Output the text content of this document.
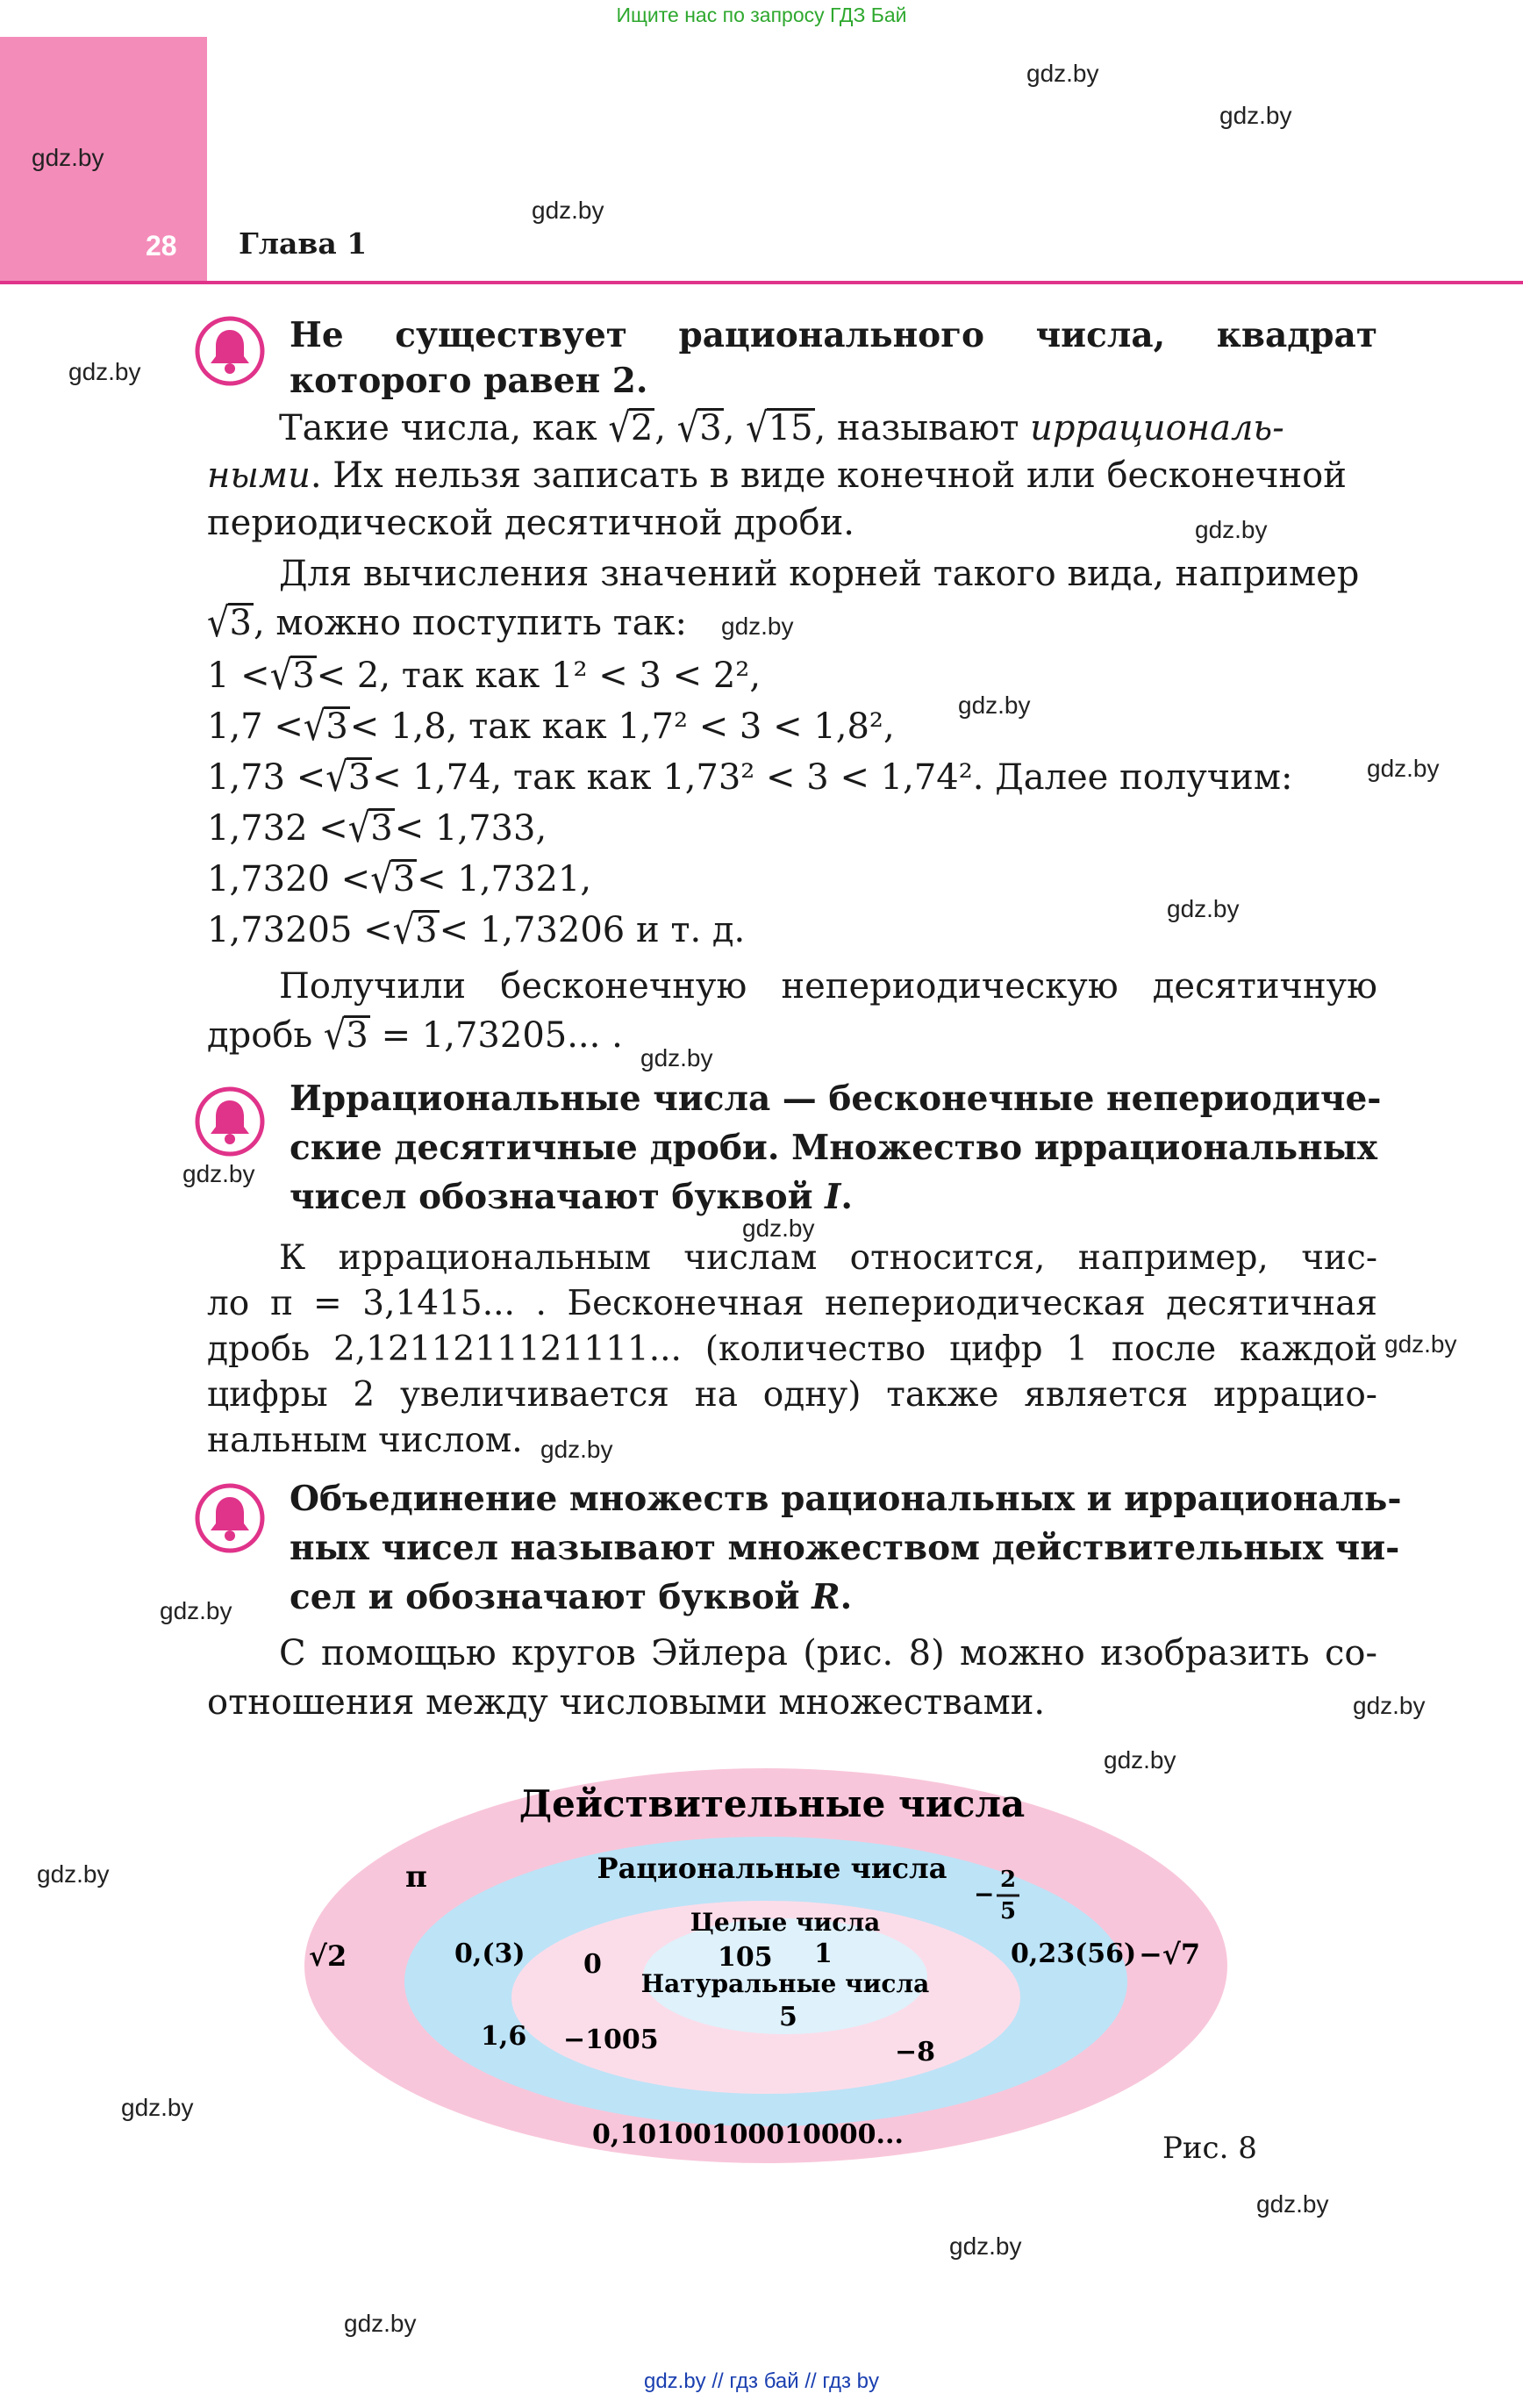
Ищите нас по запросу ГДЗ Бай
28 Глава 1
gdz.by
gdz.by
gdz.by
gdz.by
gdz.by
gdz.by
gdz.by
gdz.by
gdz.by
gdz.by
gdz.by
gdz.by
gdz.by
gdz.by
gdz.by
gdz.by
gdz.by
gdz.by
gdz.by
gdz.by
gdz.by
gdz.by
gdz.by
Не существует рационального числа, квадрат которого равен 2.
Такие числа, как √2, √3, √15, называют иррациональ-
ными. Их нельзя записать в виде конечной или бесконечной
периодической десятичной дроби.
Для вычисления значений корней такого вида, например
√3, можно поступить так:
1 <√3< 2, так как 1² < 3 < 2²,
1,7 <√3< 1,8, так как 1,7² < 3 < 1,8²,
1,73 <√3< 1,74, так как 1,73² < 3 < 1,74². Далее получим:
1,732 <√3< 1,733,
1,7320 <√3< 1,7321,
1,73205 <√3< 1,73206 и т. д.
Получили бесконечную непериодическую десятичную
дробь √3 = 1,73205... .
Иррациональные числа — бесконечные непериодиче-
ские десятичные дроби. Множество иррациональных
чисел обозначают буквой I.
К иррациональным числам относится, например, чис-
ло π = 3,1415... . Бесконечная непериодическая десятичная
дробь 2,1211211121111... (количество цифр 1 после каждой
цифры 2 увеличивается на одну) также является иррацио-
нальным числом.
Объединение множеств рациональных и иррациональ-
ных чисел называют множеством действительных чи-
сел и обозначают буквой R.
С помощью кругов Эйлера (рис. 8) можно изобразить со-
отношения между числовыми множествами.
Действительные числа
Рациональные числа
Целые числа
Натуральные числа
π
√2	−√7
0,10100100010000...
0,(3)
1,6
0,23(56)
− 2
5
0
−1005	−8
105 1
5
Рис. 8
gdz.by // гдз бай // гдз by
